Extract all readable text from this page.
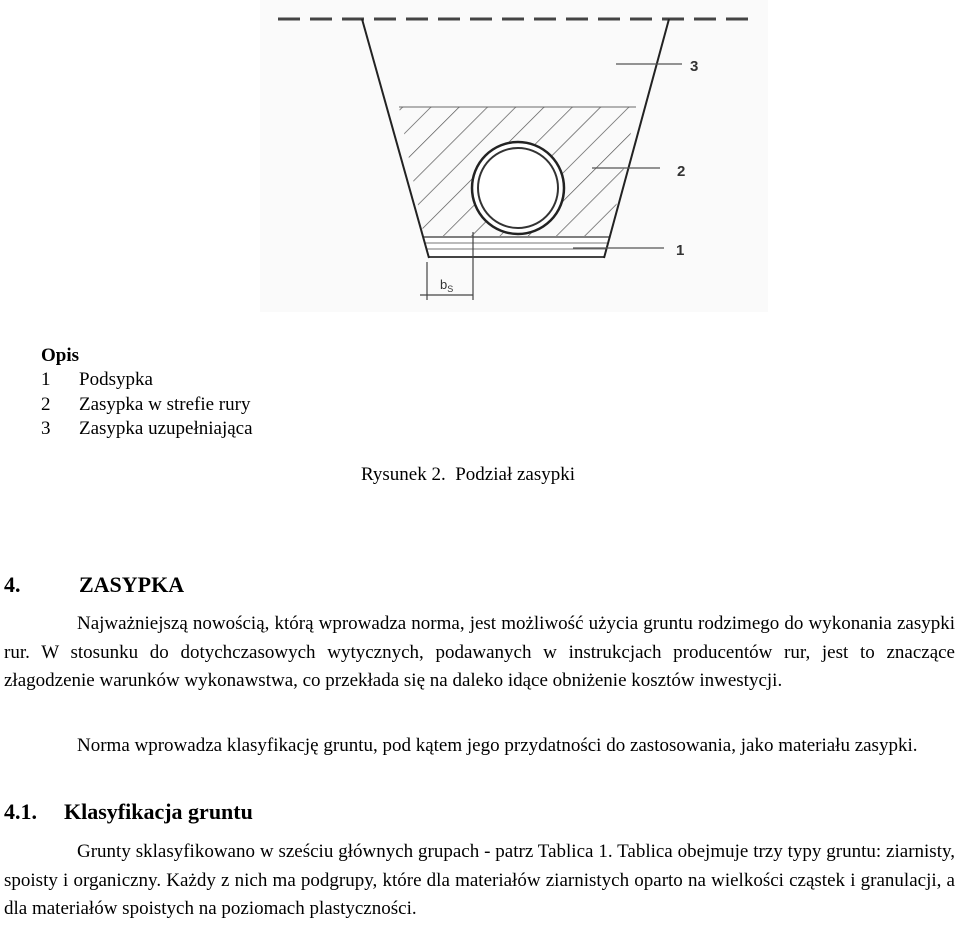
3
2
1
$b_S$
Opis
1 Podsypka
2 Zasypka w strefie rury
3 Zasypka uzupełniająca
Rysunek 2.  Podział zasypki
4.	ZASYPKA
Najważniejszą nowością, którą wprowadza norma, jest możliwość użycia gruntu rodzimego do wykonania zasypki rur. W stosunku do dotychczasowych wytycznych, podawanych w instrukcjach producentów rur, jest to znaczące złagodzenie warunków wykonawstwa, co przekłada się na daleko idące obniżenie kosztów inwestycji.
Norma wprowadza klasyfikację gruntu, pod kątem jego przydatności do zastosowania, jako materiału zasypki.
4.1. Klasyfikacja gruntu
Grunty sklasyfikowano w sześciu głównych grupach - patrz Tablica 1. Tablica obejmuje trzy typy gruntu: ziarnisty, spoisty i organiczny. Każdy z nich ma podgrupy, które dla materiałów ziarnistych oparto na wielkości cząstek i granulacji, a dla materiałów spoistych na poziomach plastyczności.
